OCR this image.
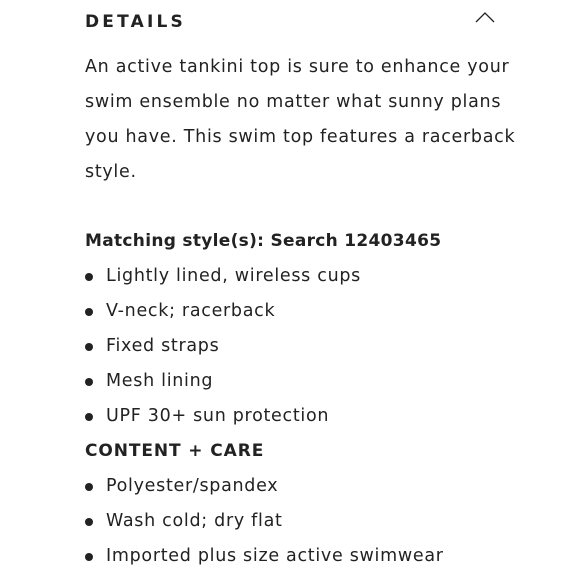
DETAILS

An active tankini top is sure to enhance your swim ensemble no matter what sunny plans you have. This swim top features a racerback style.

Matching style(s): Search 12403465
Lightly lined, wireless cups
V-neck; racerback
Fixed straps
Mesh lining
UPF 30+ sun protection
CONTENT + CARE
Polyester/spandex
Wash cold; dry flat
Imported plus size active swimwear
